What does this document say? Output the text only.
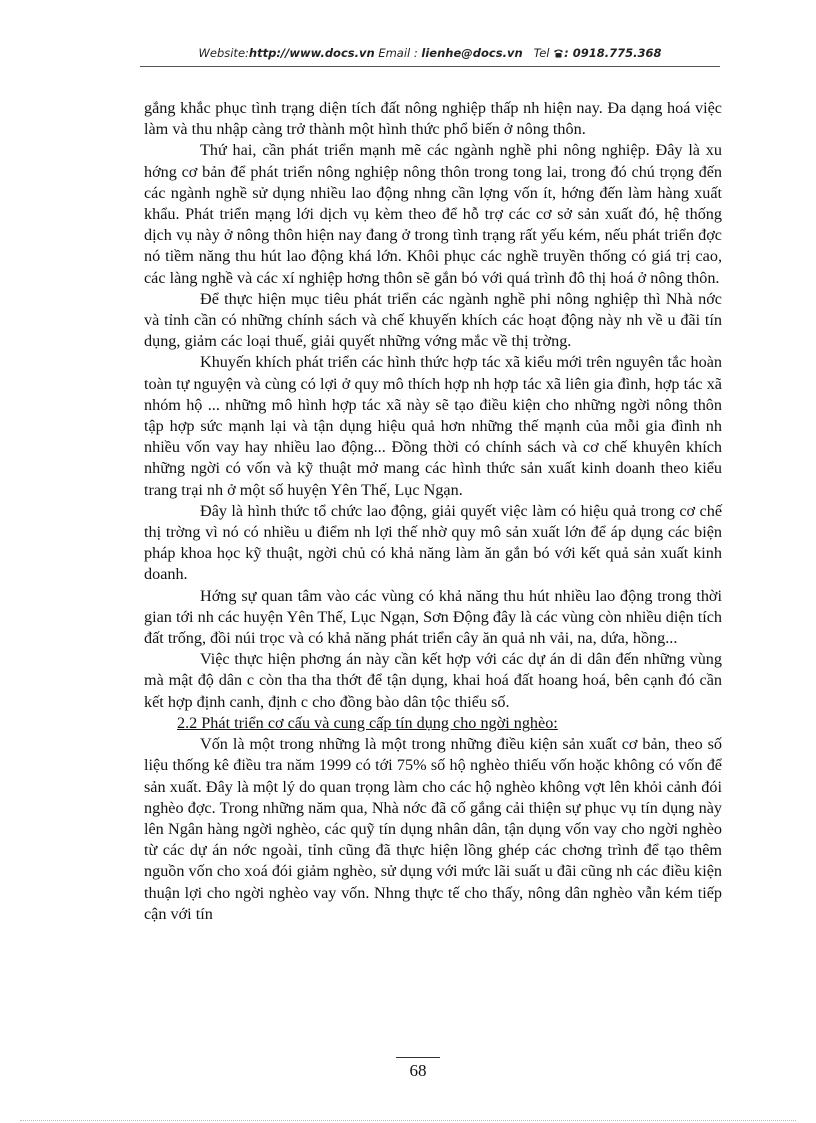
Website:http://www.docs.vn Email : lienhe@docs.vn Tel : 0918.775.368

gắng khắc phục tình trạng diện tích đất nông nghiệp thấp nh hiện nay. Đa dạng hoá việc làm và thu nhập càng trở thành một hình thức phổ biến ở nông thôn.

Thứ hai, cần phát triển mạnh mẽ các ngành nghề phi nông nghiệp. Đây là xu hớng cơ bản để phát triển nông nghiệp nông thôn trong tong lai, trong đó chú trọng đến các ngành nghề sử dụng nhiều lao động nhng cần lợng vốn ít, hớng đến làm hàng xuất khẩu. Phát triển mạng lới dịch vụ kèm theo để hỗ trợ các cơ sở sản xuất đó, hệ thống dịch vụ này ở nông thôn hiện nay đang ở trong tình trạng rất yếu kém, nếu phát triển đợc nó tiềm năng thu hút lao động khá lớn. Khôi phục các nghề truyền thống có giá trị cao, các làng nghề và các xí nghiệp hơng thôn sẽ gắn bó với quá trình đô thị hoá ở nông thôn.

Để thực hiện mục tiêu phát triển các ngành nghề phi nông nghiệp thì Nhà nớc và tỉnh cần có những chính sách và chế khuyến khích các hoạt động này nh về u đãi tín dụng, giảm các loại thuế, giải quyết những vớng mắc về thị trờng.

Khuyến khích phát triển các hình thức hợp tác xã kiểu mới trên nguyên tắc hoàn toàn tự nguyện và cùng có lợi ở quy mô thích hợp nh hợp tác xã liên gia đình, hợp tác xã nhóm hộ ... những mô hình hợp tác xã này sẽ tạo điều kiện cho những ngời nông thôn tập hợp sức mạnh lại và tận dụng hiệu quả hơn những thế mạnh của mỗi gia đình nh nhiều vốn vay hay nhiều lao động... Đồng thời có chính sách và cơ chế khuyên khích những ngời có vốn và kỹ thuật mở mang các hình thức sản xuất kinh doanh theo kiểu trang trại nh ở một số huyện Yên Thế, Lục Ngạn.

Đây là hình thức tổ chức lao động, giải quyết việc làm có hiệu quả trong cơ chế thị trờng vì nó có nhiều u điểm nh lợi thế nhờ quy mô sản xuất lớn để áp dụng các biện pháp khoa học kỹ thuật, ngời chủ có khả năng làm ăn gắn bó với kết quả sản xuất kinh doanh.

Hớng sự quan tâm vào các vùng có khả năng thu hút nhiều lao động trong thời gian tới nh các huyện Yên Thế, Lục Ngạn, Sơn Động đây là các vùng còn nhiều diện tích đất trống, đồi núi trọc và có khả năng phát triển cây ăn quả nh vải, na, dứa, hồng...

Việc thực hiện phơng án này cần kết hợp với các dự án di dân đến những vùng mà mật độ dân c còn tha tha thớt để tận dụng, khai hoá đất hoang hoá, bên cạnh đó cần kết hợp định canh, định c cho đồng bào dân tộc thiểu số.

2.2 Phát triển cơ cấu và cung cấp tín dụng cho ngời nghèo:

Vốn là một trong những là một trong những điều kiện sản xuất cơ bản, theo số liệu thống kê điều tra năm 1999 có tới 75% số hộ nghèo thiếu vốn hoặc không có vốn để sản xuất. Đây là một lý do quan trọng làm cho các hộ nghèo không vợt lên khỏi cảnh đói nghèo đợc. Trong những năm qua, Nhà nớc đã cố gắng cải thiện sự phục vụ tín dụng này lên Ngân hàng ngời nghèo, các quỹ tín dụng nhân dân, tận dụng vốn vay cho ngời nghèo từ các dự án nớc ngoài, tỉnh cũng đã thực hiện lồng ghép các chơng trình để tạo thêm nguồn vốn cho xoá đói giảm nghèo, sử dụng với mức lãi suất u đãi cũng nh các điều kiện thuận lợi cho ngời nghèo vay vốn. Nhng thực tế cho thấy, nông dân nghèo vẫn kém tiếp cận với tín

68
